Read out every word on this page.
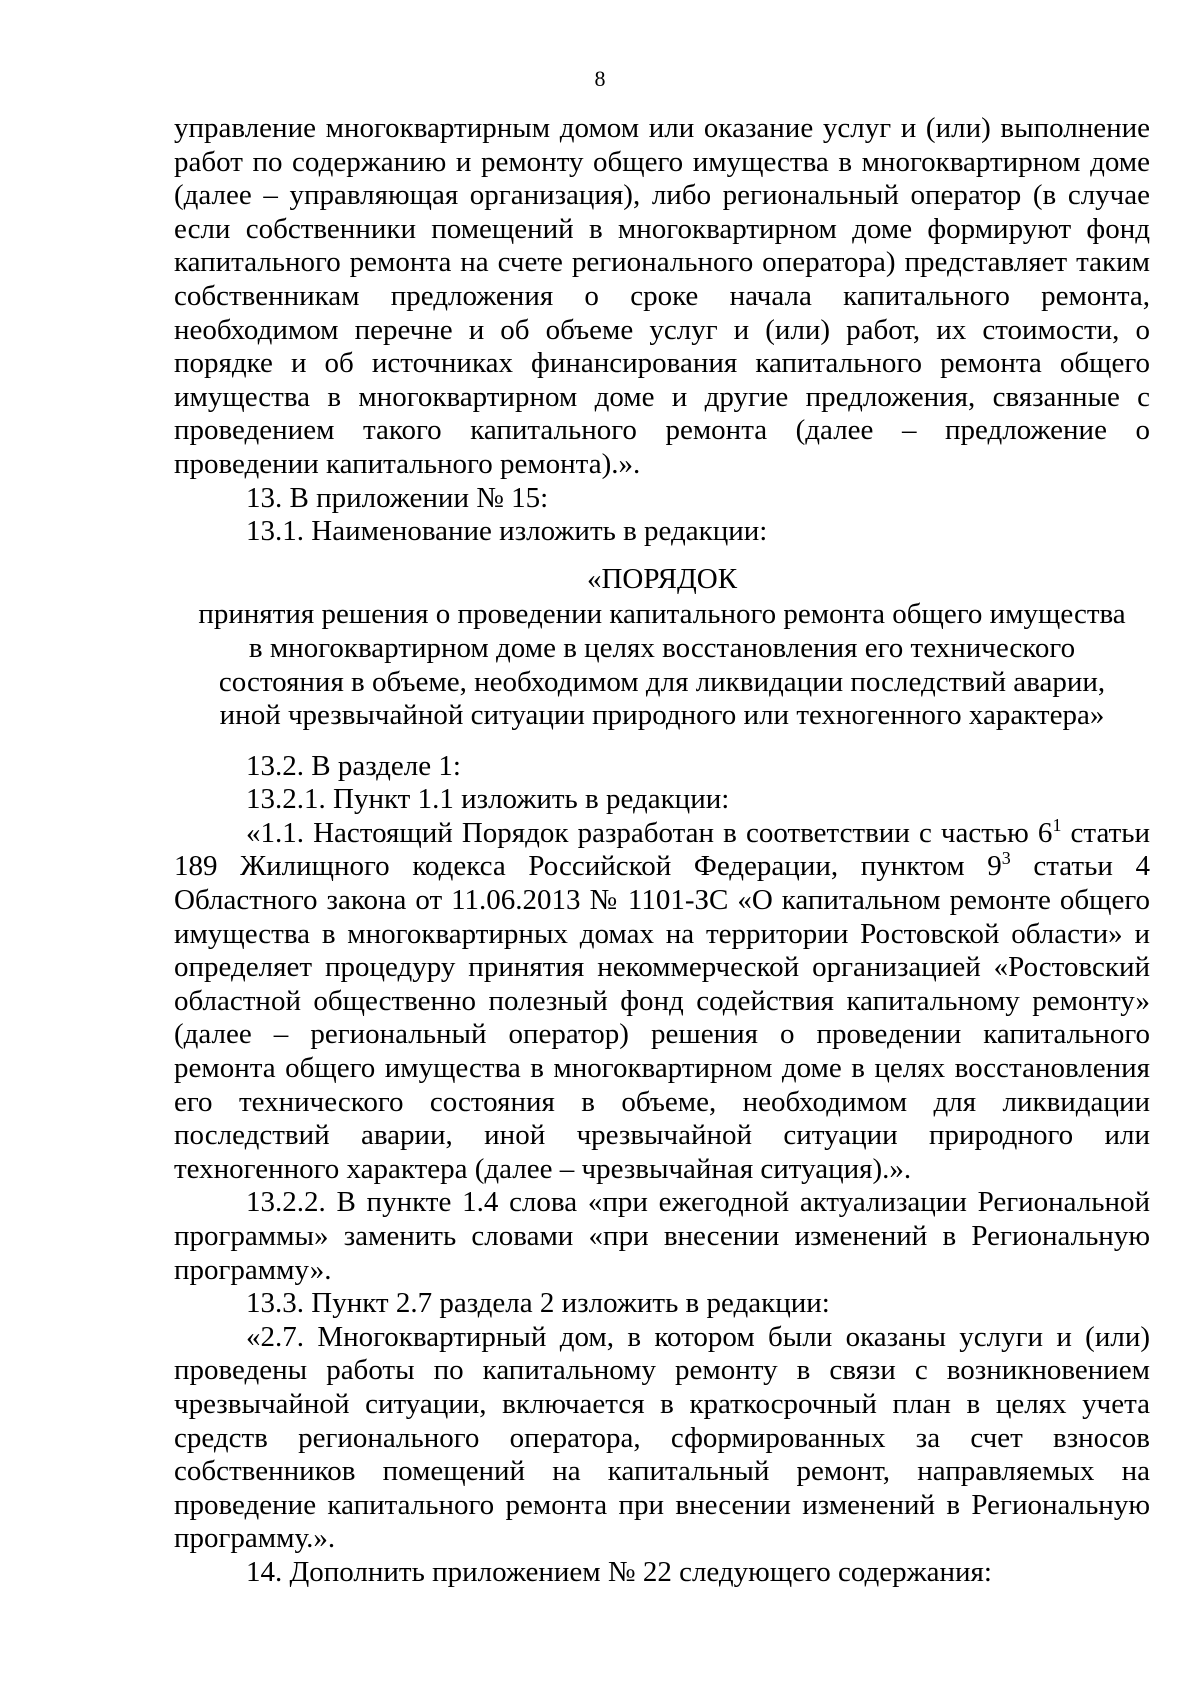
8

управление многоквартирным домом или оказание услуг и (или) выполнение работ по содержанию и ремонту общего имущества в многоквартирном доме (далее – управляющая организация), либо региональный оператор (в случае если собственники помещений в многоквартирном доме формируют фонд капитального ремонта на счете регионального оператора) представляет таким собственникам предложения о сроке начала капитального ремонта, необходимом перечне и об объеме услуг и (или) работ, их стоимости, о порядке и об источниках финансирования капитального ремонта общего имущества в многоквартирном доме и другие предложения, связанные с проведением такого капитального ремонта (далее – предложение о проведении капитального ремонта).».

13. В приложении № 15:

13.1. Наименование изложить в редакции:

«ПОРЯДОК

принятия решения о проведении капитального ремонта общего имущества в многоквартирном доме в целях восстановления его технического состояния в объеме, необходимом для ликвидации последствий аварии, иной чрезвычайной ситуации природного или техногенного характера»

13.2. В разделе 1:

13.2.1. Пункт 1.1 изложить в редакции:

«1.1. Настоящий Порядок разработан в соответствии с частью $6^1$ статьи 189 Жилищного кодекса Российской Федерации, пунктом $9^3$ статьи 4 Областного закона от 11.06.2013 № 1101-ЗС «О капитальном ремонте общего имущества в многоквартирных домах на территории Ростовской области» и определяет процедуру принятия некоммерческой организацией «Ростовский областной общественно полезный фонд содействия капитальному ремонту» (далее – региональный оператор) решения о проведении капитального ремонта общего имущества в многоквартирном доме в целях восстановления его технического состояния в объеме, необходимом для ликвидации последствий аварии, иной чрезвычайной ситуации природного или техногенного характера (далее – чрезвычайная ситуация).».

13.2.2. В пункте 1.4 слова «при ежегодной актуализации Региональной программы» заменить словами «при внесении изменений в Региональную программу».

13.3. Пункт 2.7 раздела 2 изложить в редакции:

«2.7. Многоквартирный дом, в котором были оказаны услуги и (или) проведены работы по капитальному ремонту в связи с возникновением чрезвычайной ситуации, включается в краткосрочный план в целях учета средств регионального оператора, сформированных за счет взносов собственников помещений на капитальный ремонт, направляемых на проведение капитального ремонта при внесении изменений в Региональную программу.».

14. Дополнить приложением № 22 следующего содержания:
